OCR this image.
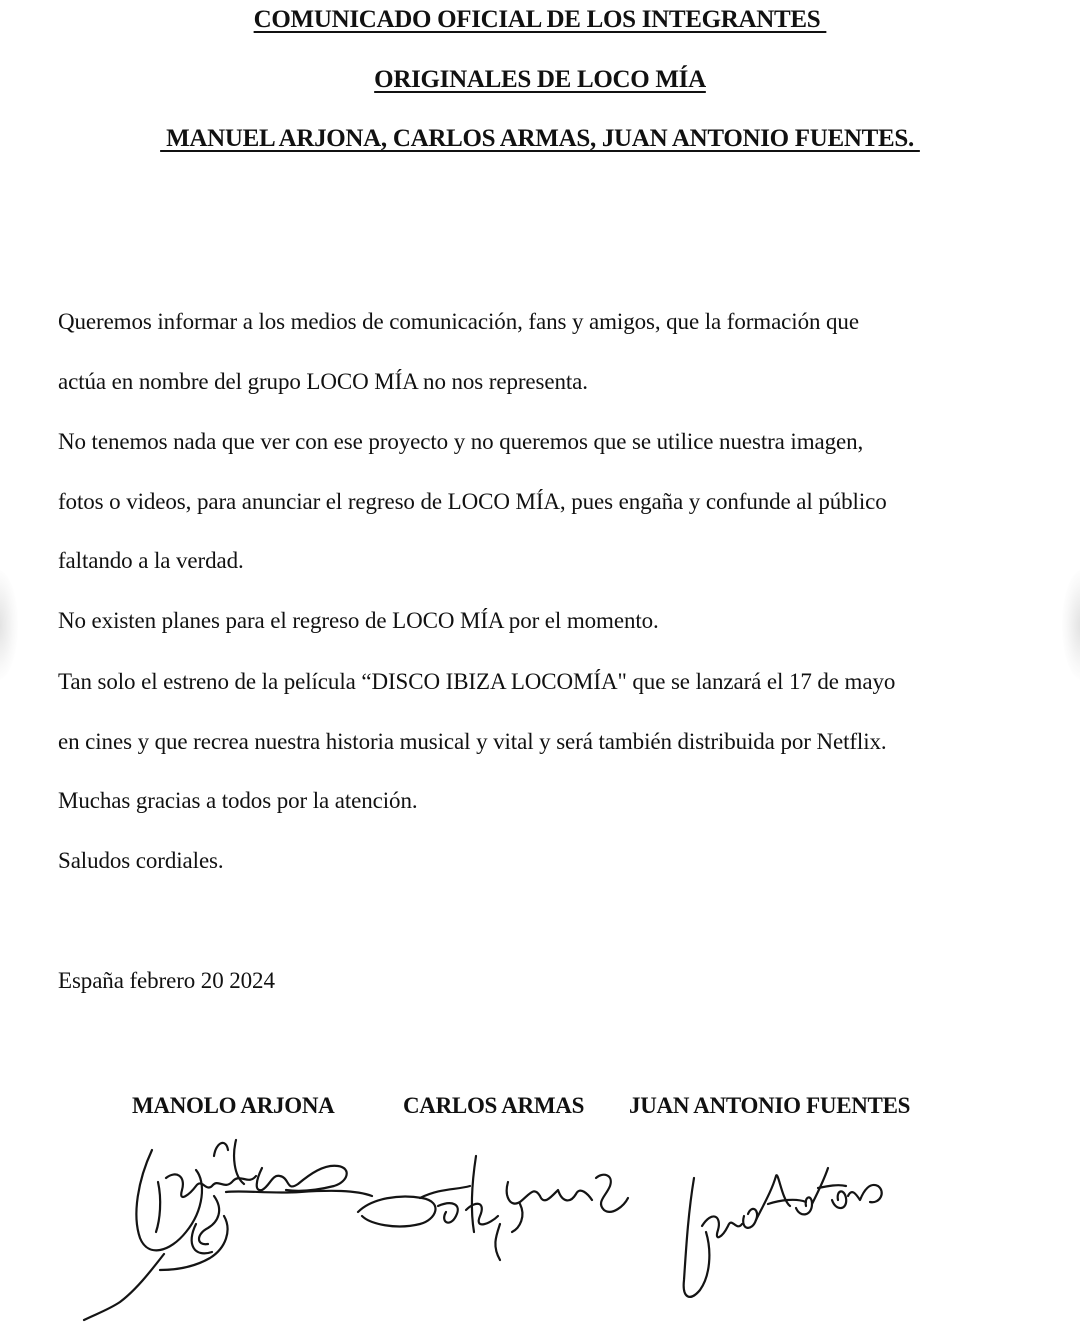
COMUNICADO OFICIAL DE LOS INTEGRANTES
ORIGINALES DE LOCO MÍA
MANUEL ARJONA, CARLOS ARMAS, JUAN ANTONIO FUENTES.
Queremos informar a los medios de comunicación, fans y amigos, que la formación que
actúa en nombre del grupo LOCO MÍA no nos representa.
No tenemos nada que ver con ese proyecto y no queremos que se utilice nuestra imagen,
fotos o videos, para anunciar el regreso de LOCO MÍA, pues engaña y confunde al público
faltando a la verdad.
No existen planes para el regreso de LOCO MÍA por el momento.
Tan solo el estreno de la película “DISCO IBIZA LOCOMÍA" que se lanzará el 17 de mayo
en cines y que recrea nuestra historia musical y vital y será también distribuida por Netflix.
Muchas gracias a todos por la atención.
Saludos cordiales.
España febrero 20 2024
MANOLO ARJONA	CARLOS ARMAS JUAN ANTONIO FUENTES
